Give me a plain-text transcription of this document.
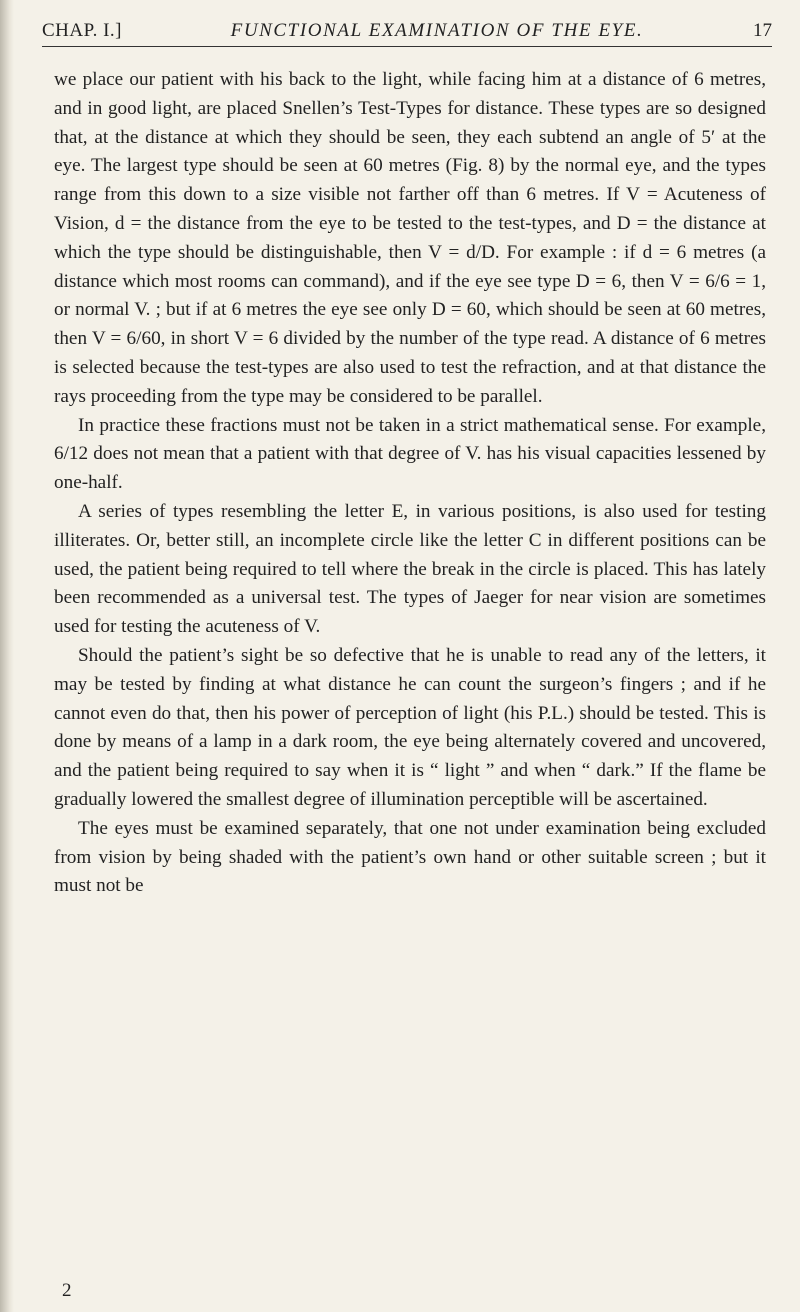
CHAP. I.]	FUNCTIONAL EXAMINATION OF THE EYE.	17

we place our patient with his back to the light, while facing him at a distance of 6 metres, and in good light, are placed Snellen’s Test-Types for distance. These types are so designed that, at the distance at which they should be seen, they each subtend an angle of 5′ at the eye. The largest type should be seen at 60 metres (Fig. 8) by the normal eye, and the types range from this down to a size visible not farther off than 6 metres. If V = Acuteness of Vision, d = the distance from the eye to be tested to the test-types, and D = the distance at which the type should be distinguishable, then V = d/D. For example : if d = 6 metres (a distance which most rooms can command), and if the eye see type D = 6, then V = 6/6 = 1, or normal V. ; but if at 6 metres the eye see only D = 60, which should be seen at 60 metres, then V = 6/60, in short V = 6 divided by the number of the type read. A distance of 6 metres is selected because the test-types are also used to test the refraction, and at that distance the rays proceeding from the type may be considered to be parallel.

In practice these fractions must not be taken in a strict mathematical sense. For example, 6/12 does not mean that a patient with that degree of V. has his visual capacities lessened by one-half.

A series of types resembling the letter E, in various positions, is also used for testing illiterates. Or, better still, an incomplete circle like the letter C in different positions can be used, the patient being required to tell where the break in the circle is placed. This has lately been recommended as a universal test. The types of Jaeger for near vision are sometimes used for testing the acuteness of V.

Should the patient’s sight be so defective that he is unable to read any of the letters, it may be tested by finding at what distance he can count the surgeon’s fingers ; and if he cannot even do that, then his power of perception of light (his P.L.) should be tested. This is done by means of a lamp in a dark room, the eye being alternately covered and uncovered, and the patient being required to say when it is “ light ” and when “ dark.” If the flame be gradually lowered the smallest degree of illumination perceptible will be ascertained.

The eyes must be examined separately, that one not under examination being excluded from vision by being shaded with the patient’s own hand or other suitable screen ; but it must not be

2
